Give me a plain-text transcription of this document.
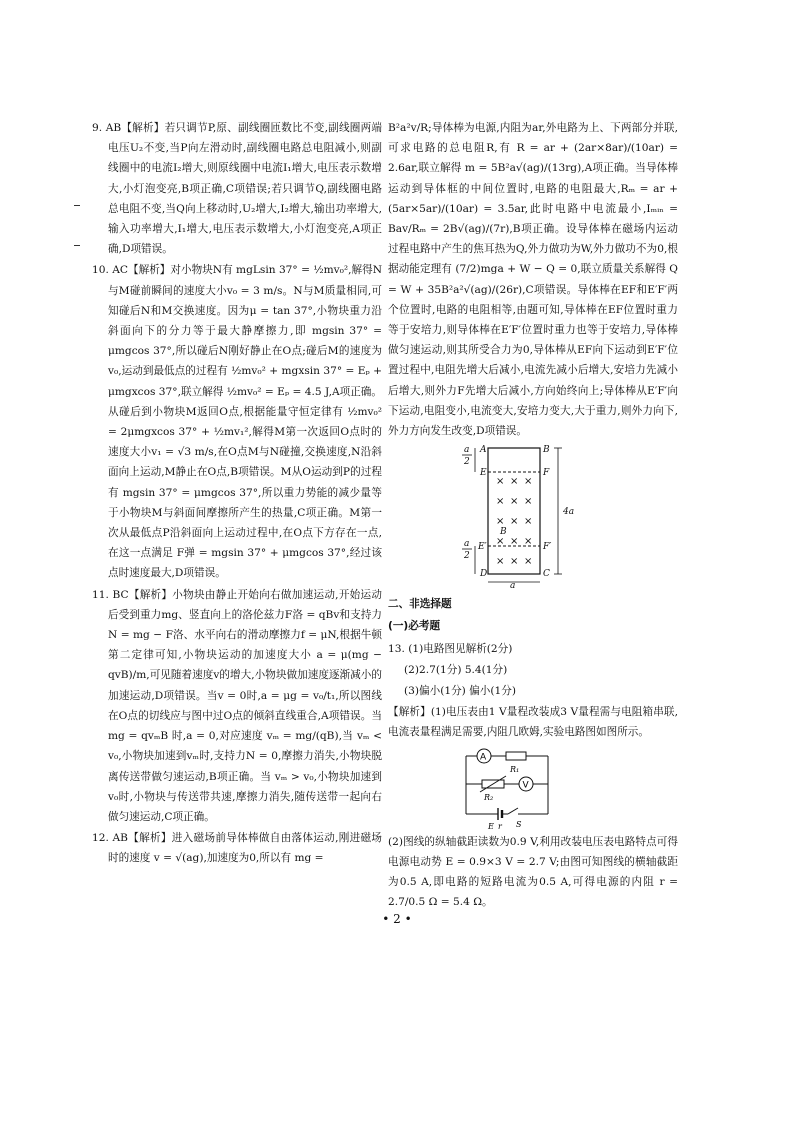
9. AB【解析】若只调节P,原、副线圈匝数比不变,副线圈两端电压U₂不变,当P向左滑动时,副线圈电路总电阻减小,则副线圈中的电流I₂增大,则原线圈中电流I₁增大,电压表示数增大,小灯泡变亮,B项正确,C项错误;若只调节Q,副线圈电路总电阻不变,当Q向上移动时,U₂增大,I₂增大,输出功率增大,输入功率增大,I₁增大,电压表示数增大,小灯泡变亮,A项正确,D项错误。

10. AC【解析】对小物块N有 mgLsin 37° = ½mv₀²,解得N与M碰前瞬间的速度大小v₀ = 3 m/s。N与M质量相同,可知碰后N和M交换速度。因为μ = tan 37°,小物块重力沿斜面向下的分力等于最大静摩擦力,即 mgsin 37° = μmgcos 37°,所以碰后N刚好静止在O点;碰后M的速度为v₀,运动到最低点的过程有 ½mv₀² + mgxsin 37° = Eₚ + μmgxcos 37°,联立解得 ½mv₀² = Eₚ = 4.5 J,A项正确。从碰后到小物块M返回O点,根据能量守恒定律有 ½mv₀² = 2μmgxcos 37° + ½mv₁²,解得M第一次返回O点时的速度大小v₁ = √3 m/s,在O点M与N碰撞,交换速度,N沿斜面向上运动,M静止在O点,B项错误。M从O运动到P的过程有 mgsin 37° = μmgcos 37°,所以重力势能的减少量等于小物块M与斜面间摩擦所产生的热量,C项正确。M第一次从最低点P沿斜面向上运动过程中,在O点下方存在一点,在这一点满足 F弹 = mgsin 37° + μmgcos 37°,经过该点时速度最大,D项错误。

11. BC【解析】小物块由静止开始向右做加速运动,开始运动后受到重力mg、竖直向上的洛伦兹力F洛 = qBv和支持力N = mg − F洛、水平向右的滑动摩擦力f = μN,根据牛顿第二定律可知,小物块运动的加速度大小 a = μ(mg − qvB)/m,可见随着速度v的增大,小物块做加速度逐渐减小的加速运动,D项错误。当v = 0时,a = μg = v₀/t₁,所以图线在O点的切线应与图中过O点的倾斜直线重合,A项错误。当 mg = qvₘB 时,a = 0,对应速度 vₘ = mg/(qB),当 vₘ < v₀,小物块加速到vₘ时,支持力N = 0,摩擦力消失,小物块脱离传送带做匀速运动,B项正确。当 vₘ > v₀,小物块加速到v₀时,小物块与传送带共速,摩擦力消失,随传送带一起向右做匀速运动,C项正确。

12. AB【解析】进入磁场前导体棒做自由落体运动,刚进磁场时的速度 v = √(ag),加速度为0,所以有 mg =

B²a²v/R;导体棒为电源,内阻为ar,外电路为上、下两部分并联,可求电路的总电阻R,有 R = ar + (2ar×8ar)/(10ar) = 2.6ar,联立解得 m = 5B²a√(ag)/(13rg),A项正确。当导体棒运动到导体框的中间位置时,电路的电阻最大,Rₘ = ar + (5ar×5ar)/(10ar) = 3.5ar,此时电路中电流最小,Iₘᵢₙ = Bav/Rₘ = 2B√(ag)/(7r),B项正确。设导体棒在磁场内运动过程电路中产生的焦耳热为Q,外力做功为W,外力做功不为0,根据动能定理有 (7/2)mga + W − Q = 0,联立质量关系解得 Q = W + 35B²a²√(ag)/(26r),C项错误。导体棒在EF和E′F′两个位置时,电路的电阻相等,由题可知,导体棒在EF位置时重力等于安培力,则导体棒在E′F′位置时重力也等于安培力,导体棒做匀速运动,则其所受合力为0,导体棒从EF向下运动到E′F′位置过程中,电阻先增大后减小,电流先减小后增大,安培力先减小后增大,则外力F先增大后减小,方向始终向上;导体棒从E′F′向下运动,电阻变小,电流变大,安培力变大,大于重力,则外力向下,外力方向发生改变,D项错误。

× × ×
× × ×
× × ×
× × ×
× × ×
A	B
E	F
B
E′	F′
D	C
a
2
a
2
4a
a

二、非选择题

(一)必考题

13. (1)电路图见解析(2分)

(2)2.7(1分) 5.4(1分)

(3)偏小(1分) 偏小(1分)

【解析】(1)电压表由1 V量程改装成3 V量程需与电阻箱串联,电流表量程满足需要,内阻几欧姆,实验电路图如图所示。

A
R₁
R₂
V
E r S

(2)图线的纵轴截距读数为0.9 V,利用改装电压表电路特点可得电源电动势 E = 0.9×3 V = 2.7 V;由图可知图线的横轴截距为0.5 A,即电路的短路电流为0.5 A,可得电源的内阻 r = 2.7/0.5 Ω = 5.4 Ω。

• 2 •
